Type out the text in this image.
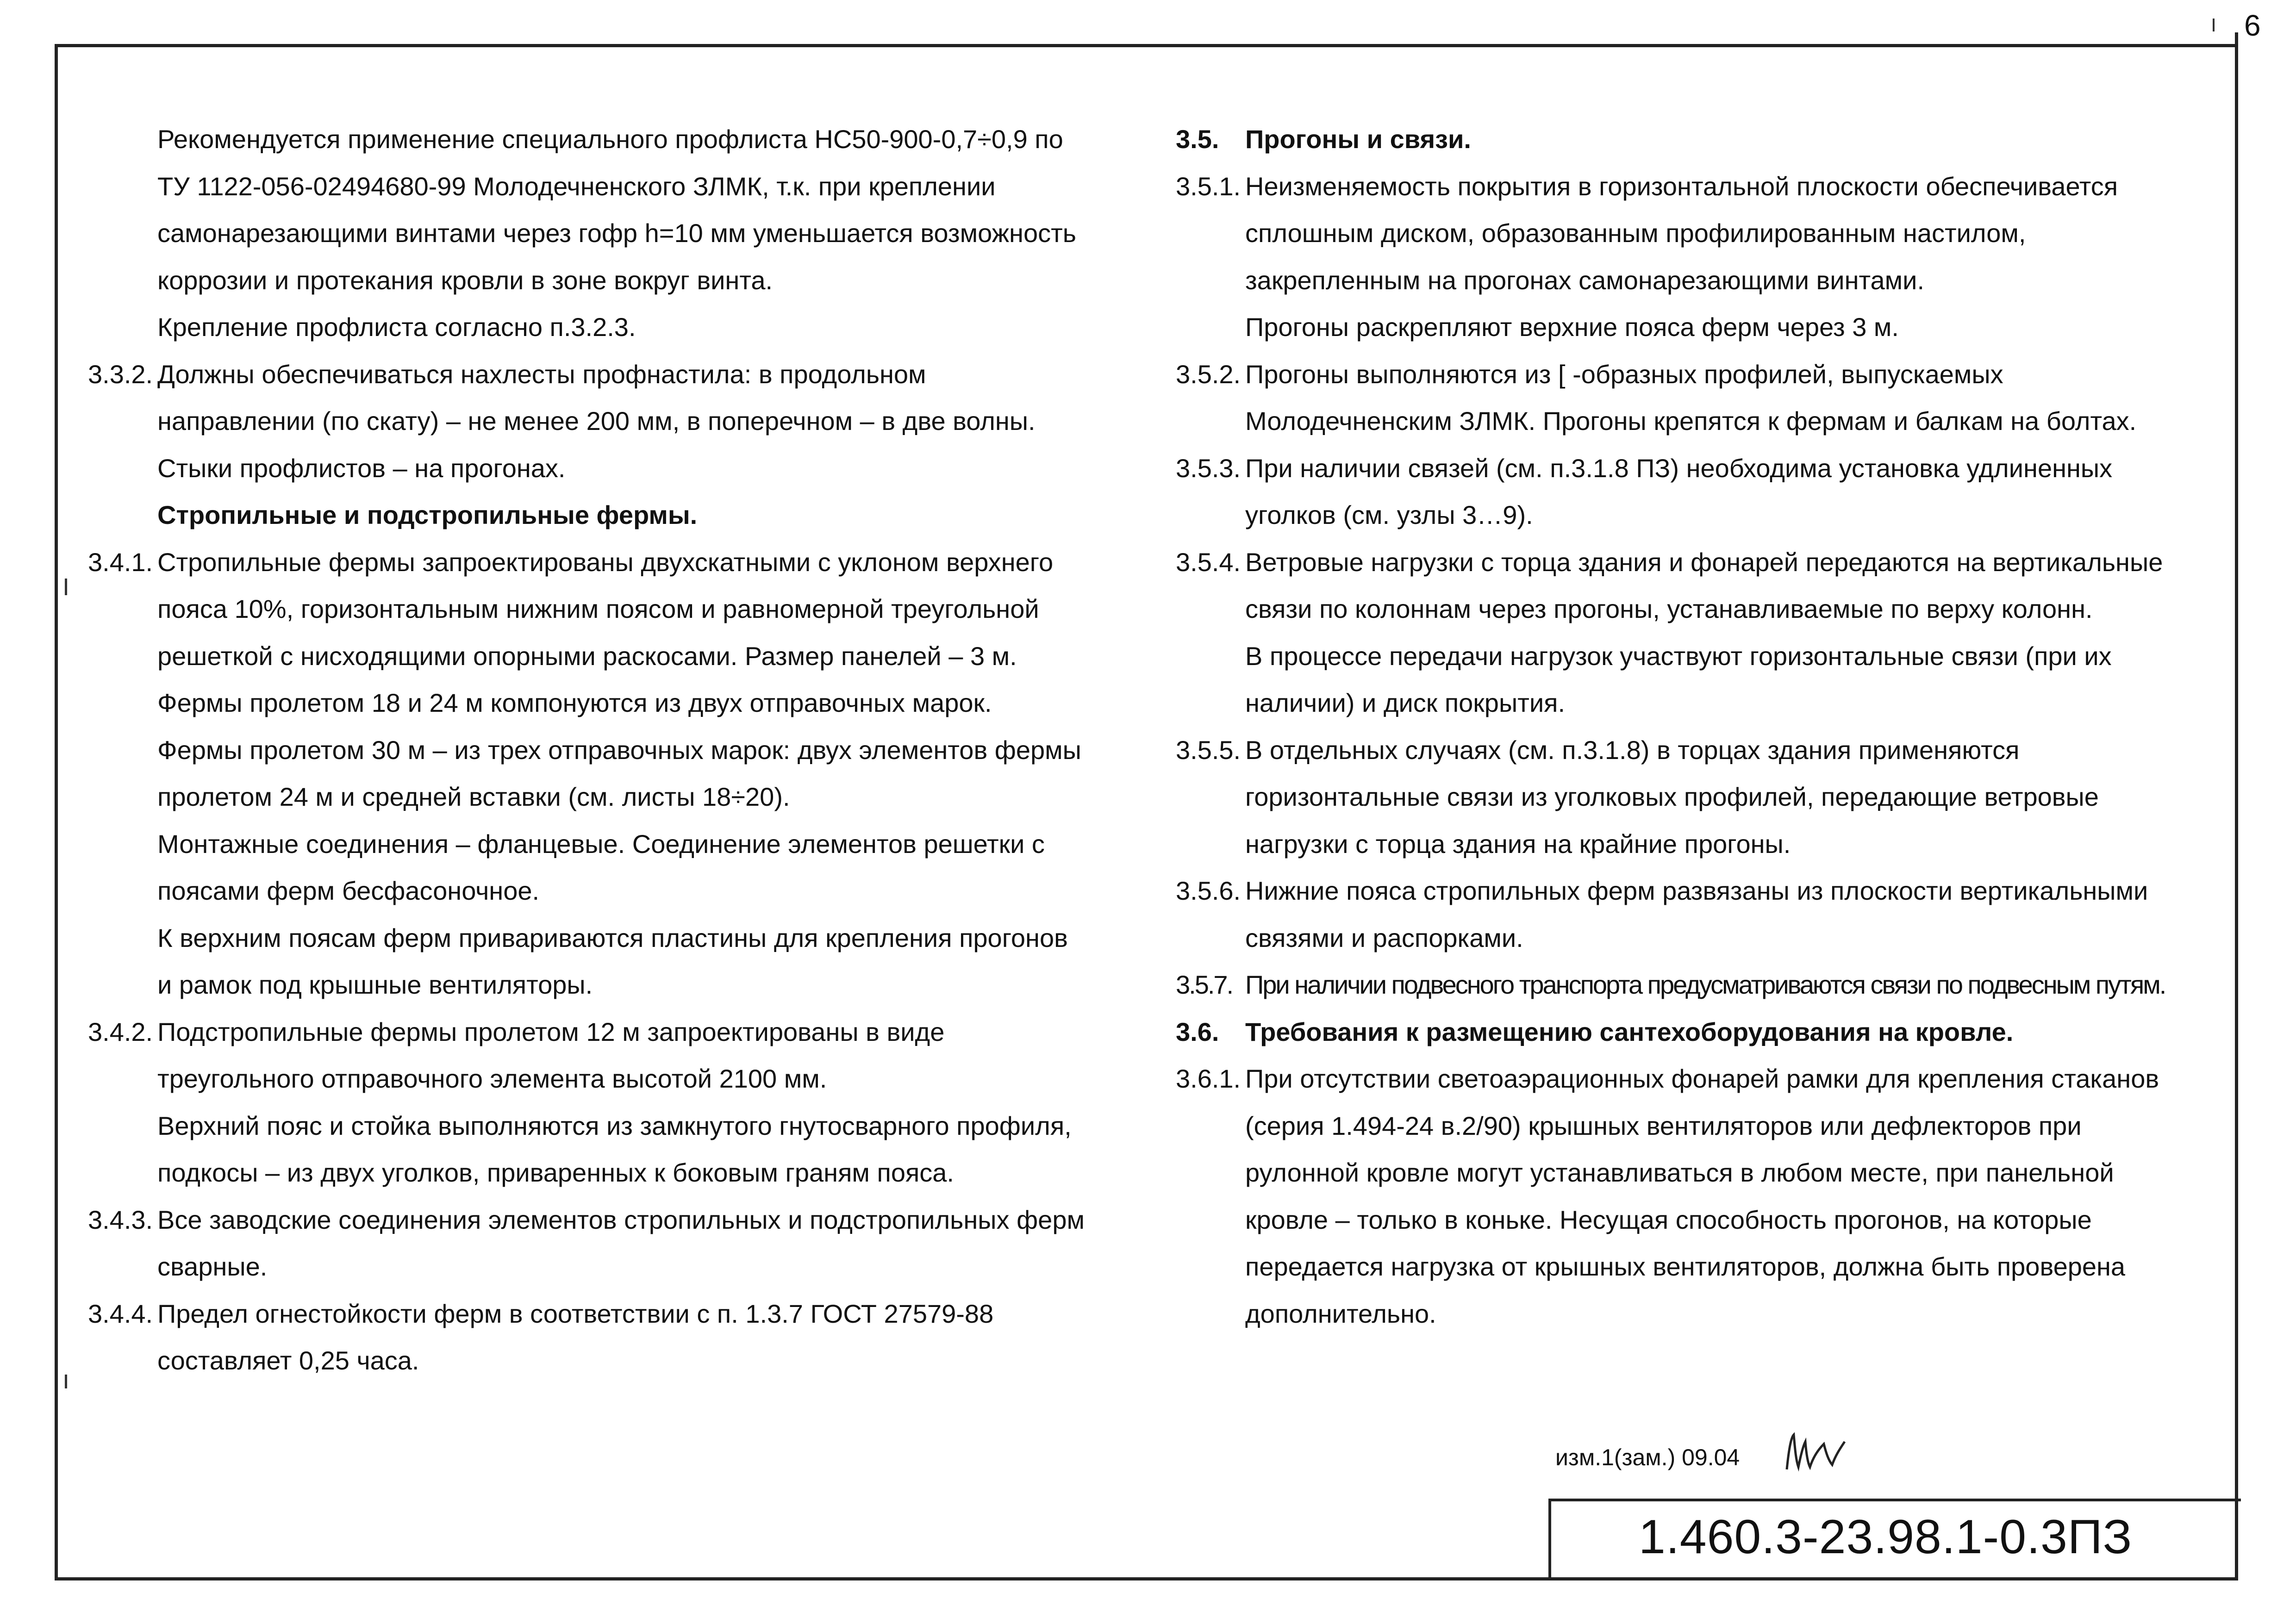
6
Рекомендуется применение специального профлиста НС50-900-0,7÷0,9 по
ТУ 1122-056-02494680-99 Молодечненского ЗЛМК, т.к. при креплении
самонарезающими винтами через гофр h=10 мм уменьшается возможность
коррозии и протекания кровли в зоне вокруг винта.
Крепление профлиста согласно п.3.2.3.
3.3.2. Должны обеспечиваться нахлесты профнастила: в продольном
направлении (по скату) – не менее 200 мм, в поперечном – в две волны.
Стыки профлистов – на прогонах.
Стропильные и подстропильные фермы.
3.4.1. Стропильные фермы запроектированы двухскатными с уклоном верхнего
пояса 10%, горизонтальным нижним поясом и равномерной треугольной
решеткой с нисходящими опорными раскосами. Размер панелей – 3 м.
Фермы пролетом 18 и 24 м компонуются из двух отправочных марок.
Фермы пролетом 30 м – из трех отправочных марок: двух элементов фермы
пролетом 24 м и средней вставки (см. листы 18÷20).
Монтажные соединения – фланцевые. Соединение элементов решетки с
поясами ферм бесфасоночное.
К верхним поясам ферм привариваются пластины для крепления прогонов
и рамок под крышные вентиляторы.
3.4.2. Подстропильные фермы пролетом 12 м запроектированы в виде
треугольного отправочного элемента высотой 2100 мм.
Верхний пояс и стойка выполняются из замкнутого гнутосварного профиля,
подкосы – из двух уголков, приваренных к боковым граням пояса.
3.4.3. Все заводские соединения элементов стропильных и подстропильных ферм
сварные.
3.4.4. Предел огнестойкости ферм в соответствии с п. 1.3.7 ГОСТ 27579-88
составляет 0,25 часа.
3.5. Прогоны и связи.
3.5.1. Неизменяемость покрытия в горизонтальной плоскости обеспечивается
сплошным диском, образованным профилированным настилом,
закрепленным на прогонах самонарезающими винтами.
Прогоны раскрепляют верхние пояса ферм через 3 м.
3.5.2. Прогоны выполняются из [ -образных профилей, выпускаемых
Молодечненским ЗЛМК. Прогоны крепятся к фермам и балкам на болтах.
3.5.3. При наличии связей (см. п.3.1.8 ПЗ) необходима установка удлиненных
уголков (см. узлы 3…9).
3.5.4. Ветровые нагрузки с торца здания и фонарей передаются на вертикальные
связи по колоннам через прогоны, устанавливаемые по верху колонн.
В процессе передачи нагрузок участвуют горизонтальные связи (при их
наличии) и диск покрытия.
3.5.5. В отдельных случаях (см. п.3.1.8) в торцах здания применяются
горизонтальные связи из уголковых профилей, передающие ветровые
нагрузки с торца здания на крайние прогоны.
3.5.6. Нижние пояса стропильных ферм развязаны из плоскости вертикальными
связями и распорками.
3.5.7. При наличии подвесного транспорта предусматриваются связи по подвесным путям.
3.6. Требования к размещению сантехоборудования на кровле.
3.6.1. При отсутствии светоаэрационных фонарей рамки для крепления стаканов
(серия 1.494-24 в.2/90) крышных вентиляторов или дефлекторов при
рулонной кровле могут устанавливаться в любом месте, при панельной
кровле – только в коньке. Несущая способность прогонов, на которые
передается нагрузка от крышных вентиляторов, должна быть проверена
дополнительно.
изм.1(зам.) 09.04
1.460.3-23.98.1-0.3ПЗ
